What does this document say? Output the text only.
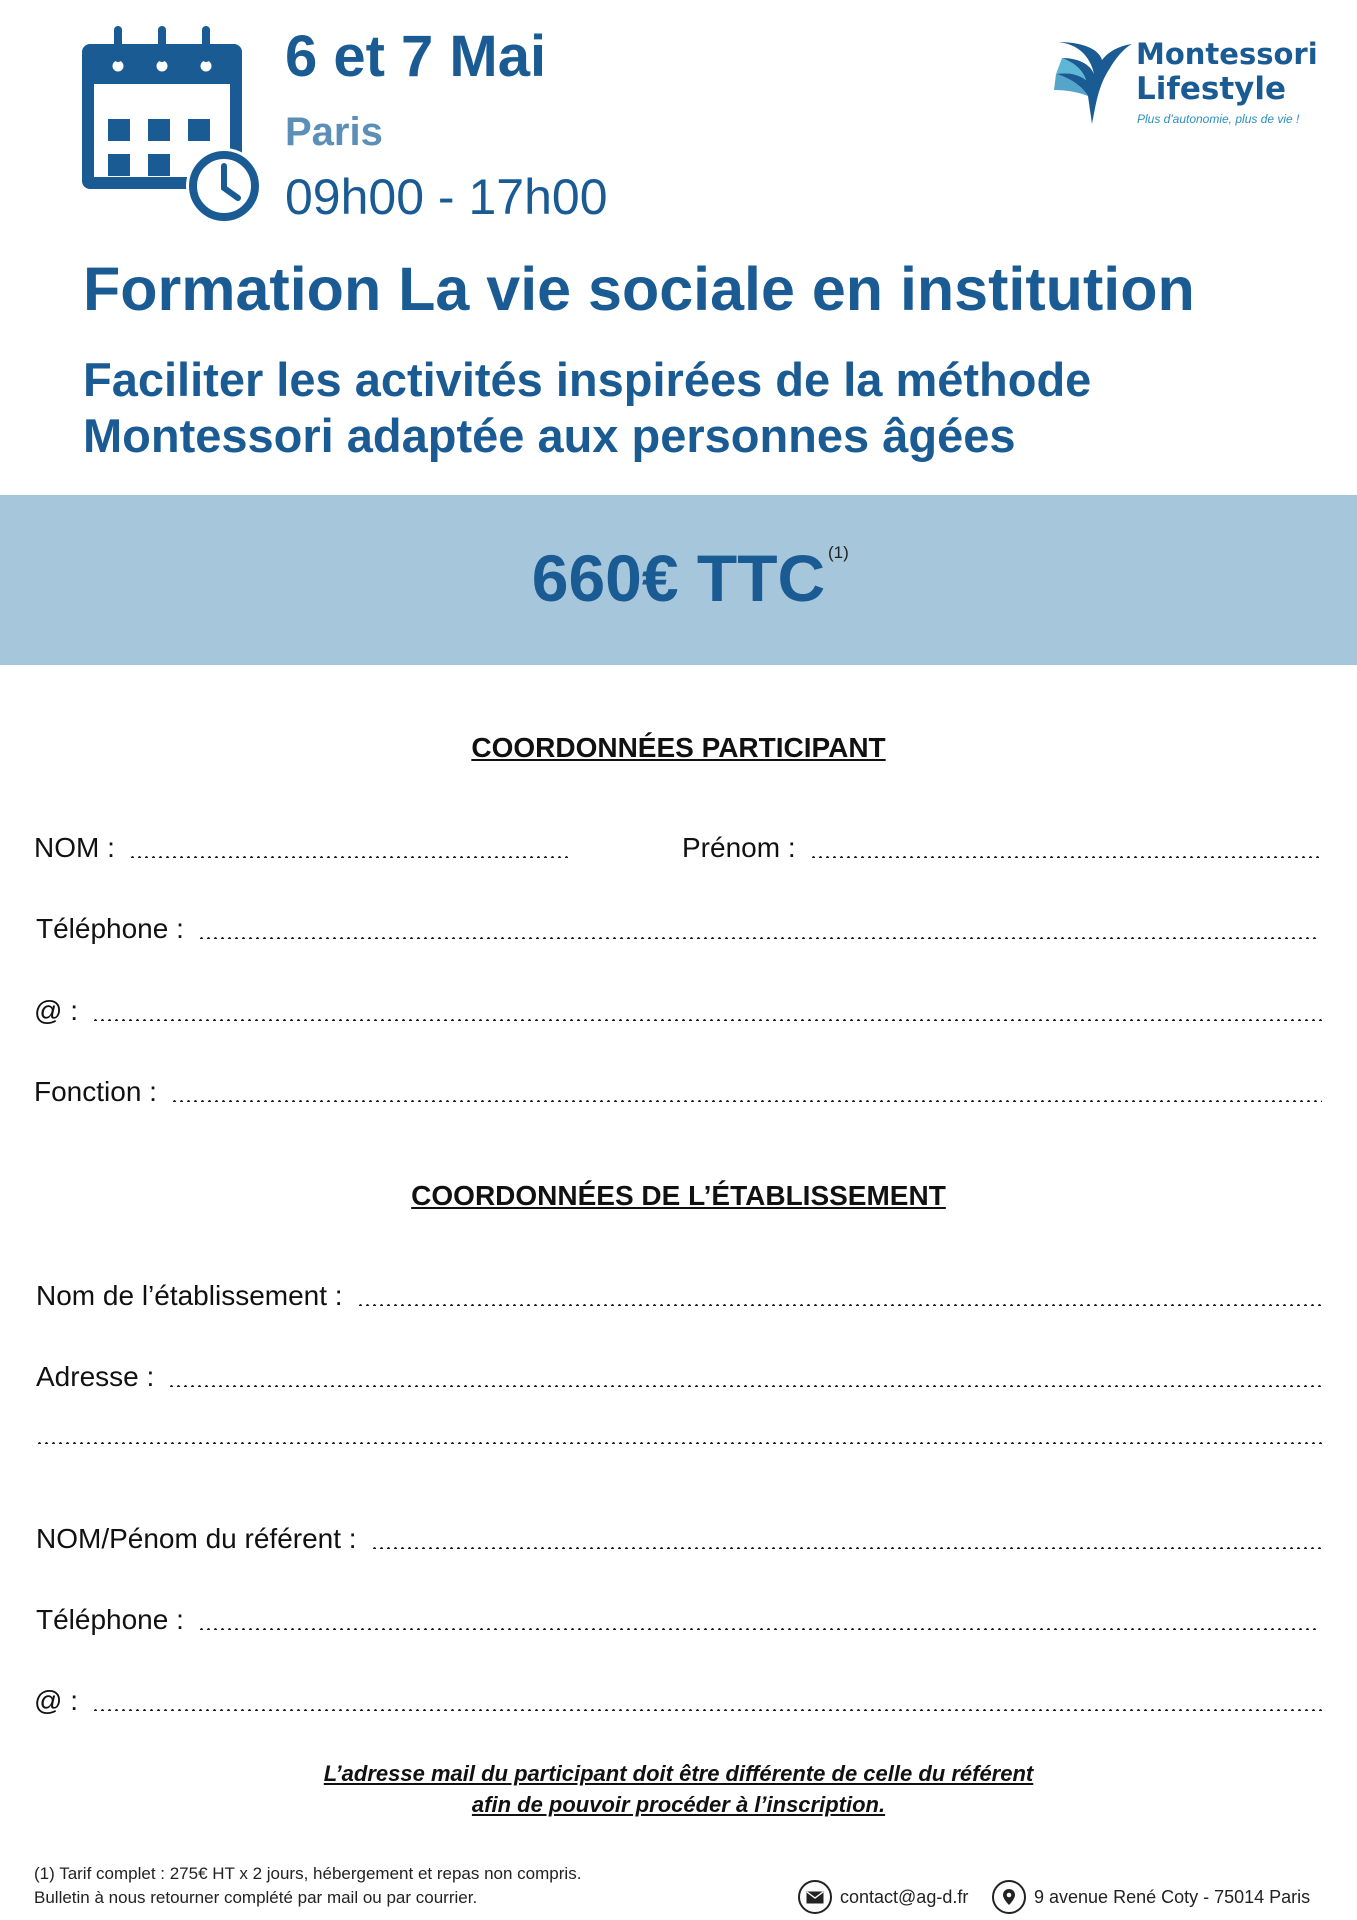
6 et 7 Mai
Paris
09h00 - 17h00
Montessori
Lifestyle
Plus d'autonomie, plus de vie !
Formation La vie sociale en institution
Faciliter les activités inspirées de la méthode
Montessori adaptée aux personnes âgées
660€ TTC (1)
COORDONNÉES PARTICIPANT
NOM :	Prénom :
Téléphone :
@ :
Fonction :
COORDONNÉES DE L’ÉTABLISSEMENT
Nom de l’établissement :
Adresse :
NOM/Pénom du référent :
Téléphone :
@ :
L’adresse mail du participant doit être différente de celle du référent
afin de pouvoir procéder à l’inscription.
(1) Tarif complet : 275€ HT x 2 jours, hébergement et repas non compris.
Bulletin à nous retourner complété par mail ou par courrier.	contact@ag-d.fr	9 avenue René Coty - 75014 Paris
